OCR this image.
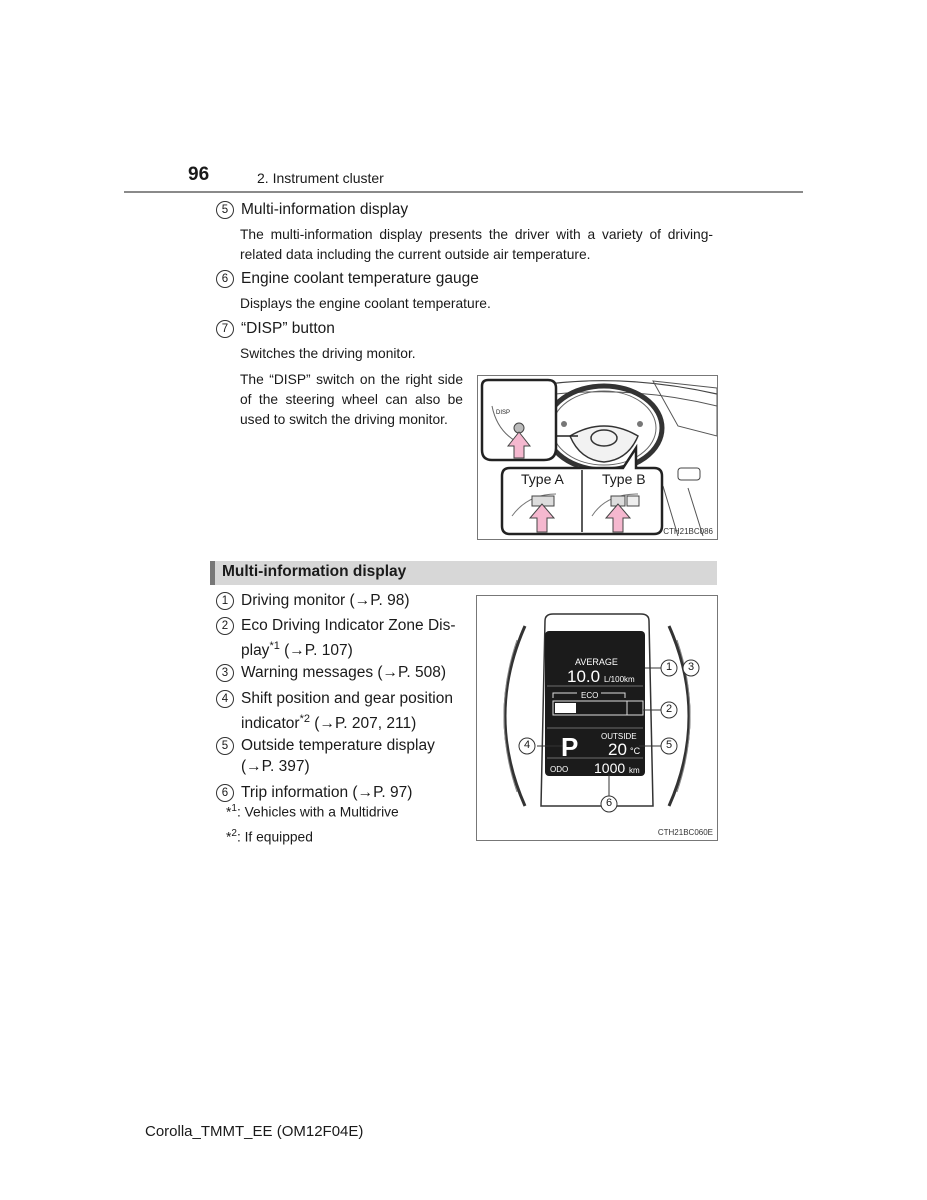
96	2. Instrument cluster
5 Multi-information display
The multi-information display presents the driver with a variety of driving-related data including the current outside air temperature.
6 Engine coolant temperature gauge
Displays the engine coolant temperature.
7 “DISP” button
Switches the driving monitor.
The “DISP” switch on the right side of the steering wheel can also be used to switch the driving monitor.	DISP
Type A	Type B
CTH21BC086
Multi-information display
1 Driving monitor (→P. 98)
2 Eco Driving Indicator Zone Dis-
play$^{*1}$ (→P. 107)
3 Warning messages (→P. 508)
4 Shift position and gear position
indicator$^{*2}$ (→P. 207, 211)
5 Outside temperature display
(→P. 397)
6 Trip information (→P. 97)
*$^1$: Vehicles with a Multidrive
*$^2$: If equipped
AVERAGE
10.0 L/100km
ECO
P	OUTSIDE
20 °C
ODO 1000 km
1
2
3
4	5
6
CTH21BC060E
Corolla_TMMT_EE (OM12F04E)
